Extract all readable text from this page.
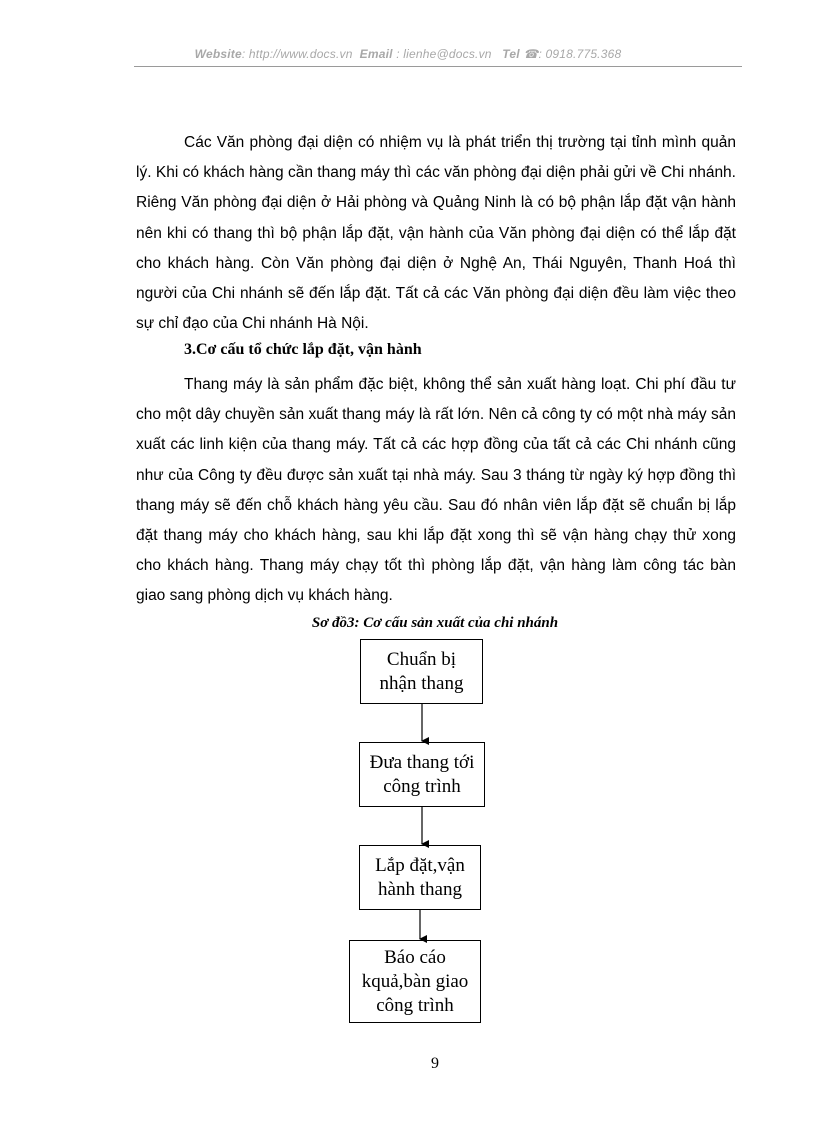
Website: http://www.docs.vn Email : lienhe@docs.vn Tel ☎: 0918.775.368

Các Văn phòng đại diện có nhiệm vụ là phát triển thị trường tại tỉnh mình quản lý. Khi có khách hàng cần thang máy thì các văn phòng đại diện phải gửi về Chi nhánh. Riêng Văn phòng đại diện ở Hải phòng và Quảng Ninh là có bộ phận lắp đặt vận hành nên khi có thang thì bộ phận lắp đặt, vận hành của Văn phòng đại diện có thể lắp đặt cho khách hàng. Còn Văn phòng đại diện ở Nghệ An, Thái Nguyên, Thanh Hoá thì người của Chi nhánh sẽ đến lắp đặt. Tất cả các Văn phòng đại diện đều làm việc theo sự chỉ đạo của Chi nhánh Hà Nội.

3.Cơ cấu tổ chức lắp đặt, vận hành

Thang máy là sản phẩm đặc biệt, không thể sản xuất hàng loạt. Chi phí đầu tư cho một dây chuyền sản xuất thang máy là rất lớn. Nên cả công ty có một nhà máy sản xuất các linh kiện của thang máy. Tất cả các hợp đồng của tất cả các Chi nhánh cũng như của Công ty đều được sản xuất tại nhà máy. Sau 3 tháng từ ngày ký hợp đồng thì thang máy sẽ đến chỗ khách hàng yêu cầu. Sau đó nhân viên lắp đặt sẽ chuẩn bị lắp đặt thang máy cho khách hàng, sau khi lắp đặt xong thì sẽ vận hàng chạy thử xong cho khách hàng. Thang máy chạy tốt thì phòng lắp đặt, vận hàng làm công tác bàn giao sang phòng dịch vụ khách hàng.

Sơ đồ3: Cơ cấu sản xuất của chi nhánh

Chuẩn bị
nhận thang
Đưa thang tới
công trình
Lắp đặt,vận
hành thang
Báo cáo
kquả,bàn giao
công trình
9
